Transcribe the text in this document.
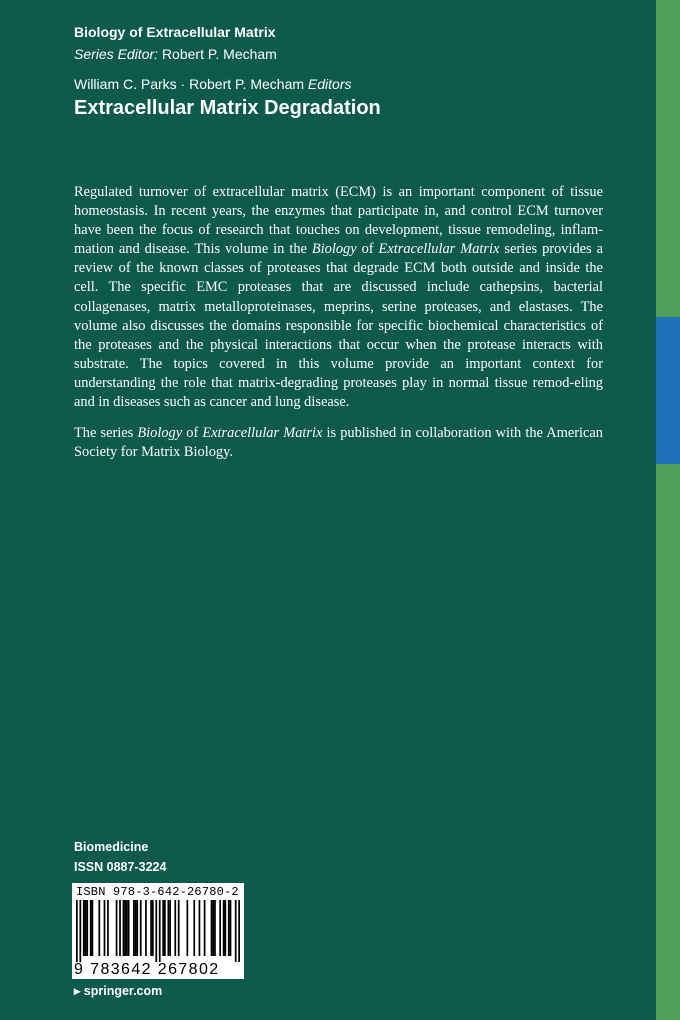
Biology of Extracellular Matrix
Series Editor: Robert P. Mecham
William C. Parks · Robert P. Mecham Editors
Extracellular Matrix Degradation

Regulated turnover of extracellular matrix (ECM) is an important component of tissue homeostasis. In recent years, the enzymes that participate in, and control ECM turnover have been the focus of research that touches on development, tissue remodeling, inflam-mation and disease. This volume in the Biology of Extracellular Matrix series provides a review of the known classes of proteases that degrade ECM both outside and inside the cell. The specific EMC proteases that are discussed include cathepsins, bacterial collagenases, matrix metalloproteinases, meprins, serine proteases, and elastases. The volume also discusses the domains responsible for specific biochemical characteristics of the proteases and the physical interactions that occur when the protease interacts with substrate. The topics covered in this volume provide an important context for understanding the role that matrix-degrading proteases play in normal tissue remod-eling and in diseases such as cancer and lung disease.

The series Biology of Extracellular Matrix is published in collaboration with the American Society for Matrix Biology.

Biomedicine
ISSN 0887-3224
ISBN 978-3-642-26780-2
9 783642 267802
▸ springer.com
